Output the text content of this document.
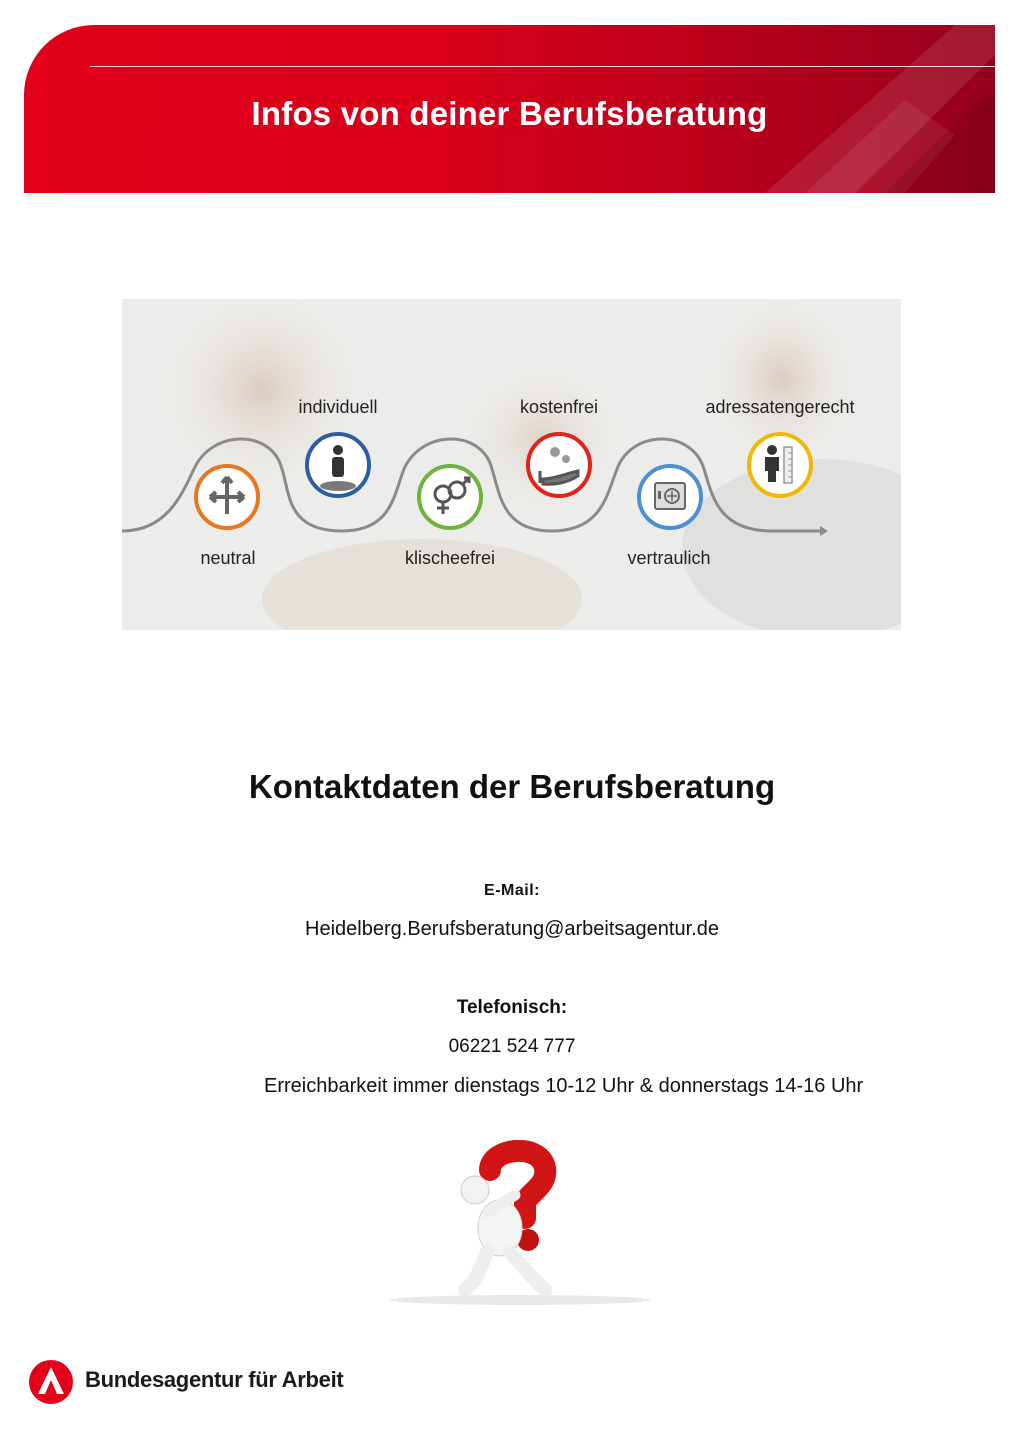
Infos von deiner Berufsberatung
individuell	kostenfrei	adressatengerecht
neutral	klischeefrei	vertraulich
Kontaktdaten der Berufsberatung
E-Mail:
Heidelberg.Berufsberatung@arbeitsagentur.de
Telefonisch:
06221 524 777
Erreichbarkeit immer dienstags 10-12 Uhr & donnerstags 14-16 Uhr
Bundesagentur für Arbeit
